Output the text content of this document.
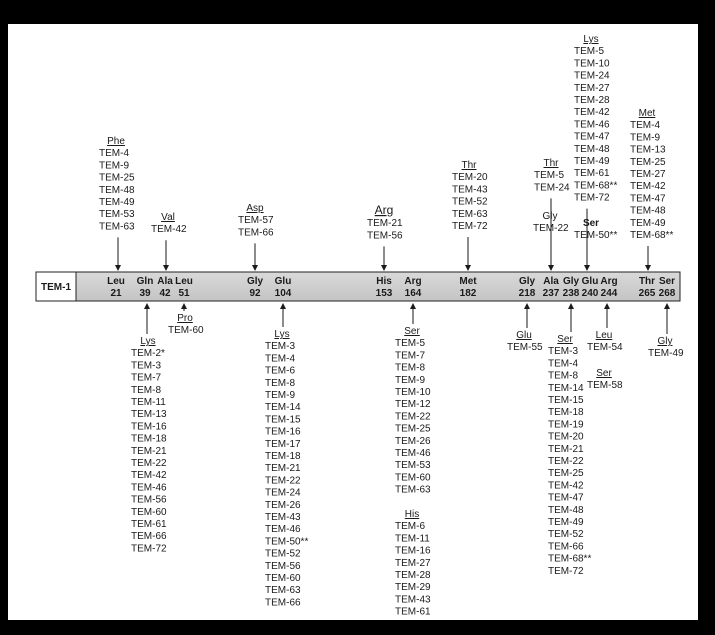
TEM-1
Leu
21
Gln
39
Ala
42
Leu
51
Gly
92
Glu
104
His
153
Arg
164
Met
182
Gly
218
Ala
237
Gly
238
Glu
240
Arg
244
Thr
265
Ser
268
Phe
TEM-4
TEM-9
TEM-25
TEM-48
TEM-49
TEM-53
TEM-63
Val
TEM-42
Asp
TEM-57
TEM-66
Arg
TEM-21
TEM-56
Thr
TEM-20
TEM-43
TEM-52
TEM-63
TEM-72
Thr
TEM-5
TEM-24
Gly
TEM-22
Lys
TEM-5
TEM-10
TEM-24
TEM-27
TEM-28
TEM-42
TEM-46
TEM-47
TEM-48
TEM-49
TEM-61
TEM-68**
TEM-72
Ser
TEM-50**
Met
TEM-4
TEM-9
TEM-13
TEM-25
TEM-27
TEM-42
TEM-47
TEM-48
TEM-49
TEM-68**
Lys
TEM-2*
TEM-3
TEM-7
TEM-8
TEM-11
TEM-13
TEM-16
TEM-18
TEM-21
TEM-22
TEM-42
TEM-46
TEM-56
TEM-60
TEM-61
TEM-66
TEM-72
Pro
TEM-60	Lys
TEM-3
TEM-4
TEM-6
TEM-8
TEM-9
TEM-14
TEM-15
TEM-16
TEM-17
TEM-18
TEM-21
TEM-22
TEM-24
TEM-26
TEM-43
TEM-46
TEM-50**
TEM-52
TEM-56
TEM-60
TEM-63
TEM-66
Ser
TEM-5
TEM-7
TEM-8
TEM-9
TEM-10
TEM-12
TEM-22
TEM-25
TEM-26
TEM-46
TEM-53
TEM-60
TEM-63
His
TEM-6
TEM-11
TEM-16
TEM-27
TEM-28
TEM-29
TEM-43
TEM-61
Glu
TEM-55
Ser
TEM-3
TEM-4
TEM-8
TEM-14
TEM-15
TEM-18
TEM-19
TEM-20
TEM-21
TEM-22
TEM-25
TEM-42
TEM-47
TEM-48
TEM-49
TEM-52
TEM-66
TEM-68**
TEM-72
Leu
TEM-54
Ser
TEM-58
Gly
TEM-49
